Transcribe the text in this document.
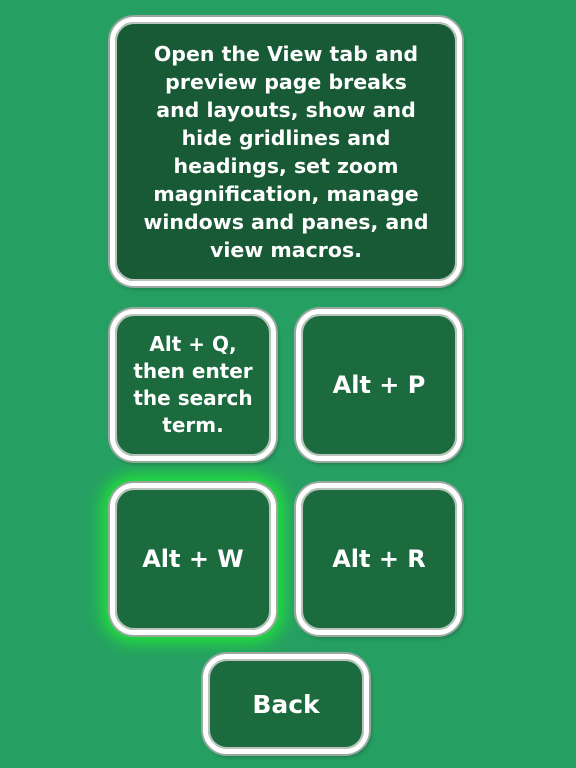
Open the View tab and preview page breaks and layouts, show and hide gridlines and headings, set zoom magnification, manage windows and panes, and view macros.
Alt + Q, then enter the search term.
Alt + P
Alt + W	Alt + R
Back
